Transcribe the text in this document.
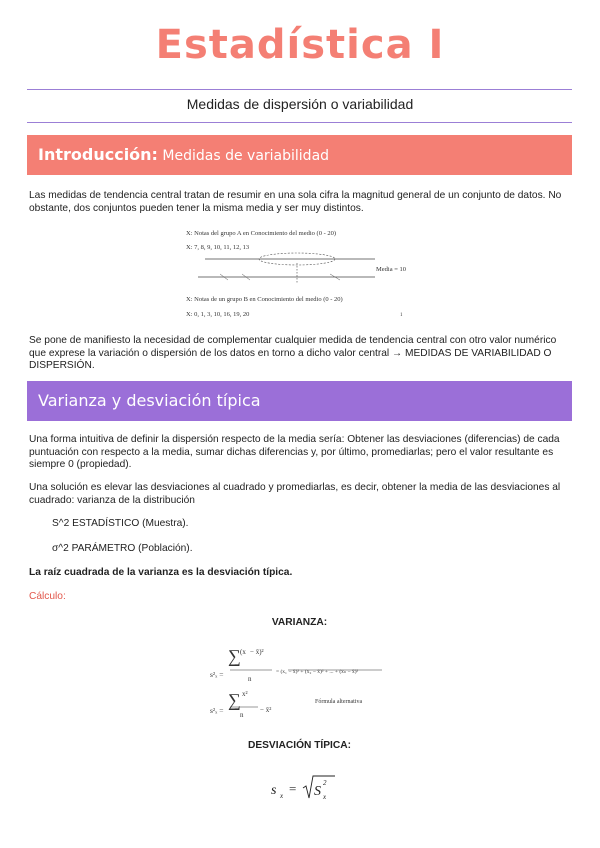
Estadística I
Medidas de dispersión o variabilidad
Introducción: Medidas de variabilidad
Las medidas de tendencia central tratan de resumir en una sola cifra la magnitud general de un conjunto de datos. No obstante, dos conjuntos pueden tener la misma media y ser muy distintos.
X: Notas del grupo A en Conocimiento del medio (0 - 20)
X: 7, 8, 9, 10, 11, 12, 13
Media = 10
X: Notas de un grupo B en Conocimiento del medio (0 - 20)
X: 0, 1, 3, 10, 16, 19, 20	1
Se pone de manifiesto la necesidad de complementar cualquier medida de tendencia central con otro valor numérico que exprese la variación o dispersión de los datos en torno a dicho valor central → MEDIDAS DE VARIABILIDAD O DISPERSIÓN.
Varianza y desviación típica
Una forma intuitiva de definir la dispersión respecto de la media sería: Obtener las desviaciones (diferencias) de cada puntuación con respecto a la media, sumar dichas diferencias y, por último, promediarlas; pero el valor resultante es siempre 0 (propiedad).
Una solución es elevar las desviaciones al cuadrado y promediarlas, es decir, obtener la media de las desviaciones al cuadrado: varianza de la distribución
S^2 ESTADÍSTICO (Muestra).
σ^2 PARÁMETRO (Población).
La raíz cuadrada de la varianza es la desviación típica.
Cálculo:
VARIANZA:
∑ (x − x̄)²
s²ₓ =	n
= (x₁ − x̄)² + (x₂ − x̄)² + ... + (xₙ − x̄)²
∑ x²
s²ₓ = n
− x̄²
Fórmula alternativa
DESVIACIÓN TÍPICA:
s x = S
2
x
